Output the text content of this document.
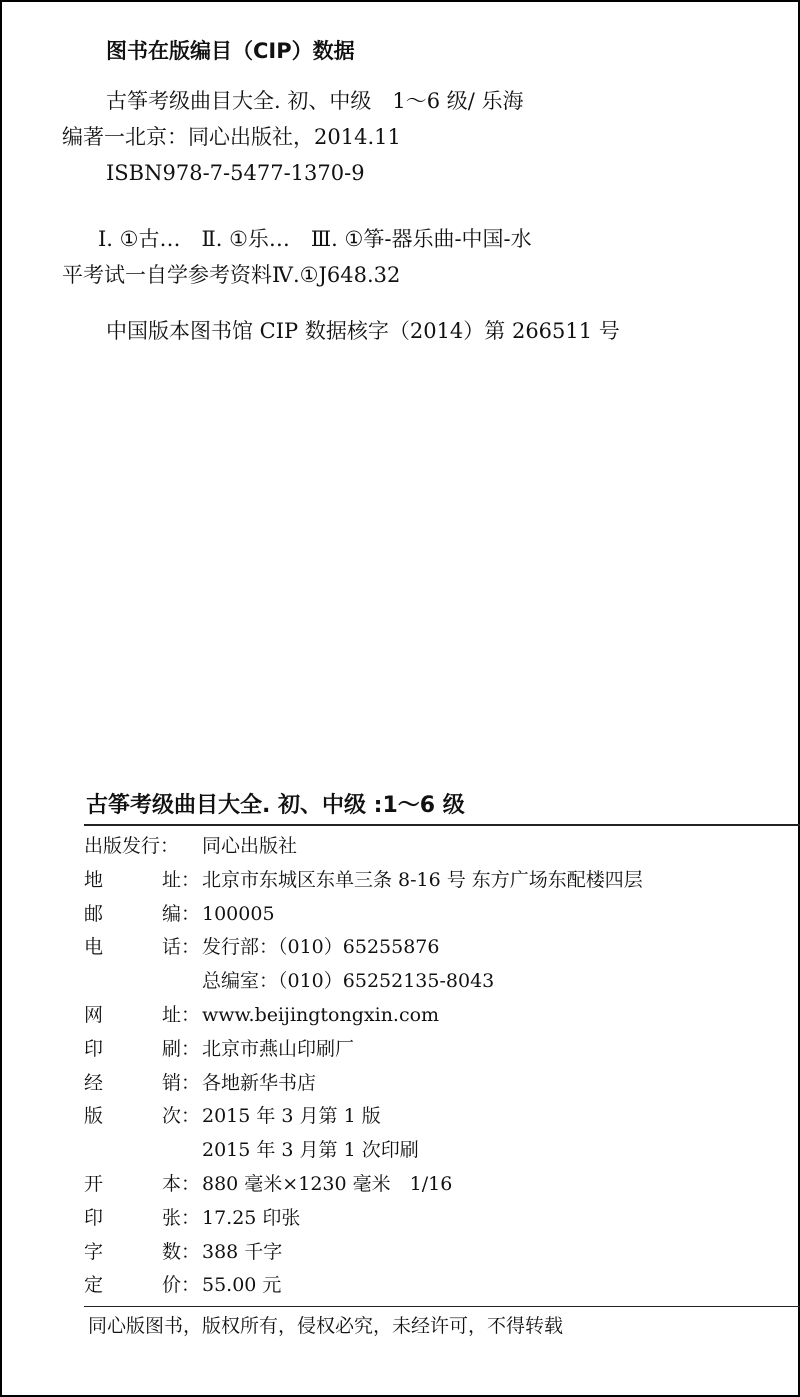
图书在版编目（CIP）数据
古筝考级曲目大全. 初、中级　1～6 级/ 乐海
编著一北京：同心出版社，2014.11
ISBN978-7-5477-1370-9
Ⅰ. ①古…　Ⅱ. ①乐…　Ⅲ. ①筝-器乐曲-中国-水
平考试一自学参考资料Ⅳ.①J648.32
中国版本图书馆 CIP 数据核字（2014）第 266511 号
古筝考级曲目大全. 初、中级 :1～6 级
出版发行： 同心出版社
地	址： 北京市东城区东单三条 8-16 号 东方广场东配楼四层
邮	编： 100005
电	话： 发行部：（010）65255876
总编室：（010）65252135-8043
网	址： www.beijingtongxin.com
印	刷： 北京市燕山印刷厂
经	销： 各地新华书店
版	次： 2015 年 3 月第 1 版
2015 年 3 月第 1 次印刷
开	本： 880 毫米×1230 毫米　1/16
印	张： 17.25 印张
字	数： 388 千字
定	价： 55.00 元
同心版图书，版权所有，侵权必究，未经许可，不得转载
